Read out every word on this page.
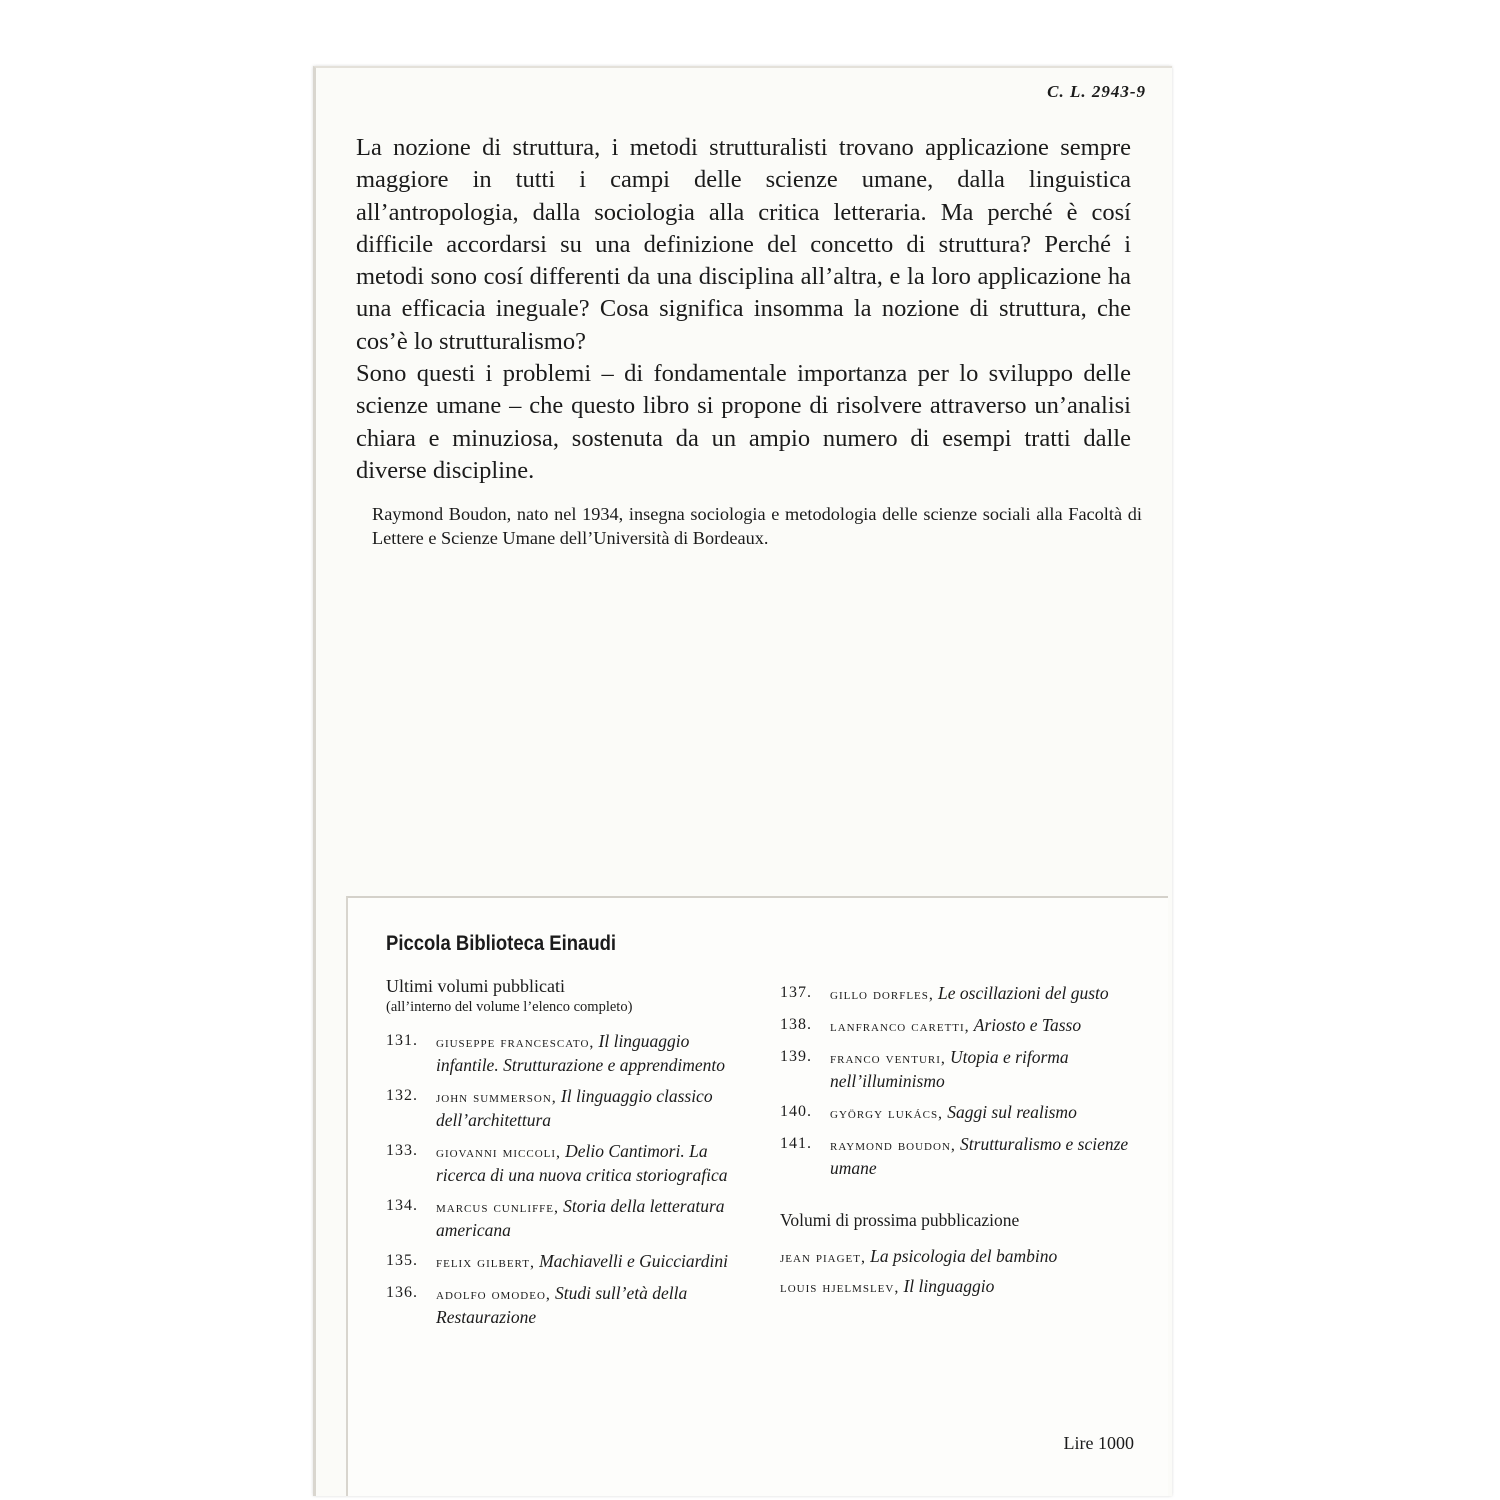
C. L. 2943-9

La nozione di struttura, i metodi strutturalisti trovano applicazione sempre maggiore in tutti i campi delle scienze umane, dalla linguistica all’antropologia, dalla sociologia alla critica letteraria. Ma perché è cosí difficile accordarsi su una definizione del concetto di struttura? Perché i metodi sono cosí differenti da una disciplina all’altra, e la loro applicazione ha una efficacia ineguale? Cosa significa insomma la nozione di struttura, che cos’è lo strutturalismo?

Sono questi i problemi – di fondamentale importanza per lo sviluppo delle scienze umane – che questo libro si propone di risolvere attraverso un’analisi chiara e minuziosa, sostenuta da un ampio numero di esempi tratti dalle diverse discipline.

Raymond Boudon, nato nel 1934, insegna sociologia e metodologia delle scienze sociali alla Facoltà di Lettere e Scienze Umane dell’Università di Bordeaux.

Piccola Biblioteca Einaudi
Ultimi volumi pubblicati
(all’interno del volume l’elenco completo)
131. giuseppe francescato, Il linguaggio infantile. Strutturazione e apprendimento
132. john summerson, Il linguaggio classico dell’architettura
133. giovanni miccoli, Delio Cantimori. La ricerca di una nuova critica storiografica
134. marcus cunliffe, Storia della letteratura americana
135. felix gilbert, Machiavelli e Guicciardini
136. adolfo omodeo, Studi sull’età della Restaurazione
137. gillo dorfles, Le oscillazioni del gusto
138. lanfranco caretti, Ariosto e Tasso
139. franco venturi, Utopia e riforma nell’illuminismo
140. györgy lukács, Saggi sul realismo
141. raymond boudon, Strutturalismo e scienze umane
Volumi di prossima pubblicazione
jean piaget, La psicologia del bambino
louis hjelmslev, Il linguaggio
Lire 1000
